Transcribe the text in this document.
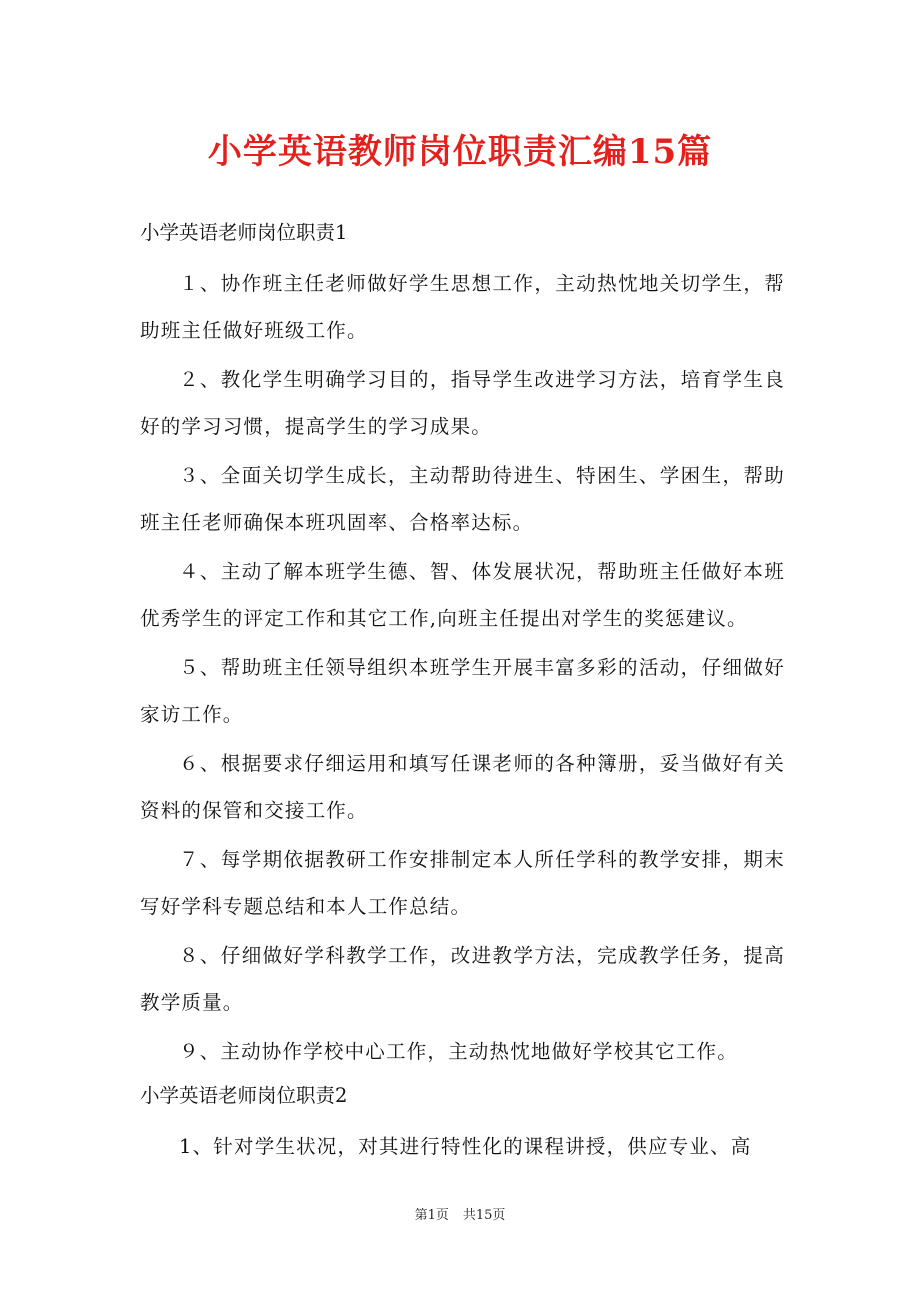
小学英语教师岗位职责汇编15篇

小学英语老师岗位职责1

１、协作班主任老师做好学生思想工作，主动热忱地关切学生，帮助班主任做好班级工作。

２、教化学生明确学习目的，指导学生改进学习方法，培育学生良好的学习习惯，提高学生的学习成果。

３、全面关切学生成长，主动帮助待进生、特困生、学困生，帮助班主任老师确保本班巩固率、合格率达标。

４、主动了解本班学生德、智、体发展状况，帮助班主任做好本班优秀学生的评定工作和其它工作,向班主任提出对学生的奖惩建议。

５、帮助班主任领导组织本班学生开展丰富多彩的活动，仔细做好家访工作。

６、根据要求仔细运用和填写任课老师的各种簿册，妥当做好有关资料的保管和交接工作。

７、每学期依据教研工作安排制定本人所任学科的教学安排，期末写好学科专题总结和本人工作总结。

８、仔细做好学科教学工作，改进教学方法，完成教学任务，提高教学质量。

９、主动协作学校中心工作，主动热忱地做好学校其它工作。

小学英语老师岗位职责2

1、针对学生状况，对其进行特性化的课程讲授，供应专业、高

第1页 共15页
